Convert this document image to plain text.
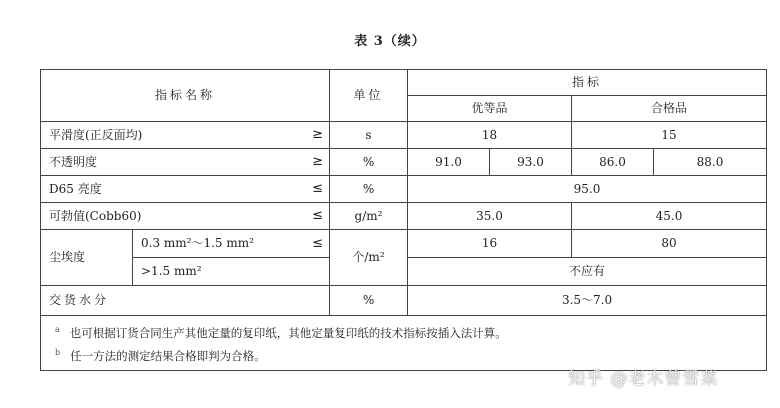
表 3（续）
指标名称		单位	指标			
			优等品		合格品	
平滑度(正反面均) ≥		s	18		15	
不透明度 ≥		%	91.0	93.0	86.0	88.0
D65 亮度 ≤		%	95.0			
可勃值(Cobb60) ≤		g/m²	35.0		45.0	
尘埃度	0.3 mm²～1.5 mm² ≤	个/m²	16		80	
	>1.5 mm²		不应有			
交货水分		%	3.5～7.0			

$^a$ 也可根据订货合同生产其他定量的复印纸，其他定量复印纸的技术指标按插入法计算。
$^b$ 任一方法的测定结果合格即判为合格。						
知乎 @老木曾雪菜
